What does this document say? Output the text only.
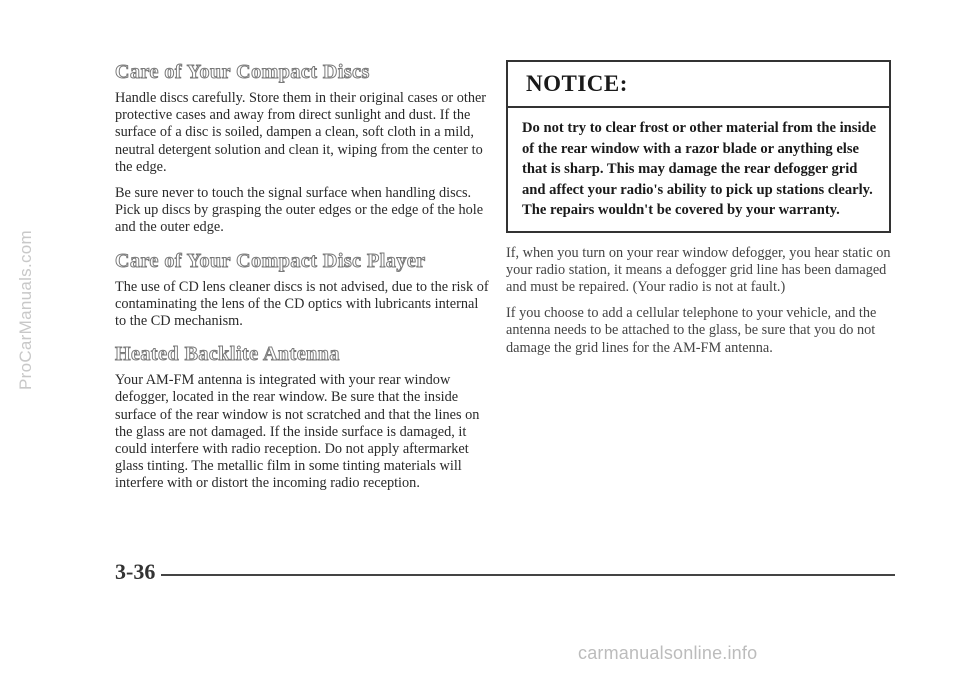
ProCarManuals.com
Care of Your Compact Discs

Handle discs carefully. Store them in their original cases or other protective cases and away from direct sunlight and dust. If the surface of a disc is soiled, dampen a clean, soft cloth in a mild, neutral detergent solution and clean it, wiping from the center to the edge.

Be sure never to touch the signal surface when handling discs. Pick up discs by grasping the outer edges or the edge of the hole and the outer edge.

Care of Your Compact Disc Player

The use of CD lens cleaner discs is not advised, due to the risk of contaminating the lens of the CD optics with lubricants internal to the CD mechanism.

Heated Backlite Antenna

Your AM-FM antenna is integrated with your rear window defogger, located in the rear window. Be sure that the inside surface of the rear window is not scratched and that the lines on the glass are not damaged. If the inside surface is damaged, it could interfere with radio reception. Do not apply aftermarket glass tinting. The metallic film in some tinting materials will interfere with or distort the incoming radio reception.

NOTICE:
Do not try to clear frost or other material from the inside of the rear window with a razor blade or anything else that is sharp. This may damage the rear defogger grid and affect your radio's ability to pick up stations clearly. The repairs wouldn't be covered by your warranty.

If, when you turn on your rear window defogger, you hear static on your radio station, it means a defogger grid line has been damaged and must be repaired. (Your radio is not at fault.)

If you choose to add a cellular telephone to your vehicle, and the antenna needs to be attached to the glass, be sure that you do not damage the grid lines for the AM-FM antenna.

3-36
carmanualsonline.info
